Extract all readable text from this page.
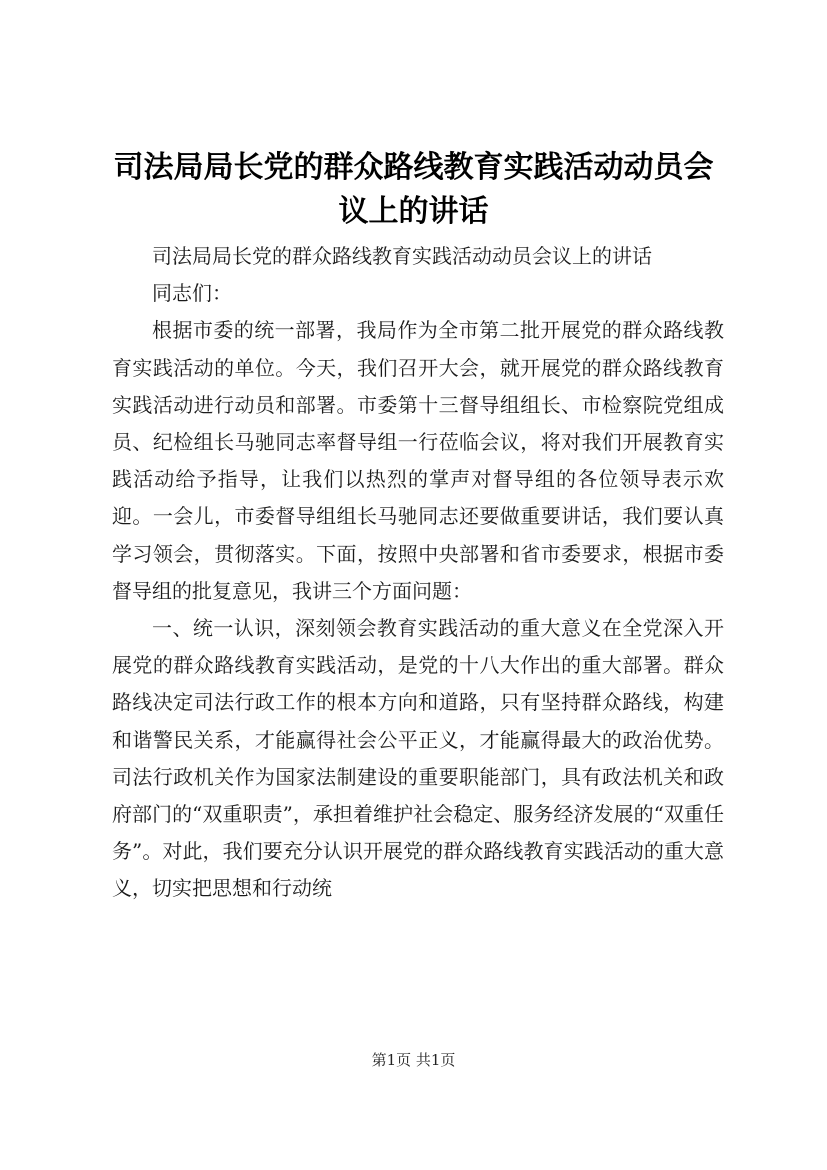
司法局局长党的群众路线教育实践活动动员会
议上的讲话

司法局局长党的群众路线教育实践活动动员会议上的讲话

同志们：

根据市委的统一部署，我局作为全市第二批开展党的群众路线教育实践活动的单位。今天，我们召开大会，就开展党的群众路线教育实践活动进行动员和部署。市委第十三督导组组长、市检察院党组成员、纪检组长马驰同志率督导组一行莅临会议，将对我们开展教育实践活动给予指导，让我们以热烈的掌声对督导组的各位领导表示欢迎。一会儿，市委督导组组长马驰同志还要做重要讲话，我们要认真学习领会，贯彻落实。下面，按照中央部署和省市委要求，根据市委督导组的批复意见，我讲三个方面问题：

一、统一认识，深刻领会教育实践活动的重大意义在全党深入开展党的群众路线教育实践活动，是党的十八大作出的重大部署。群众路线决定司法行政工作的根本方向和道路，只有坚持群众路线，构建和谐警民关系，才能赢得社会公平正义，才能赢得最大的政治优势。司法行政机关作为国家法制建设的重要职能部门，具有政法机关和政府部门的“双重职责”，承担着维护社会稳定、服务经济发展的“双重任务”。对此，我们要充分认识开展党的群众路线教育实践活动的重大意义，切实把思想和行动统

第1页 共1页
